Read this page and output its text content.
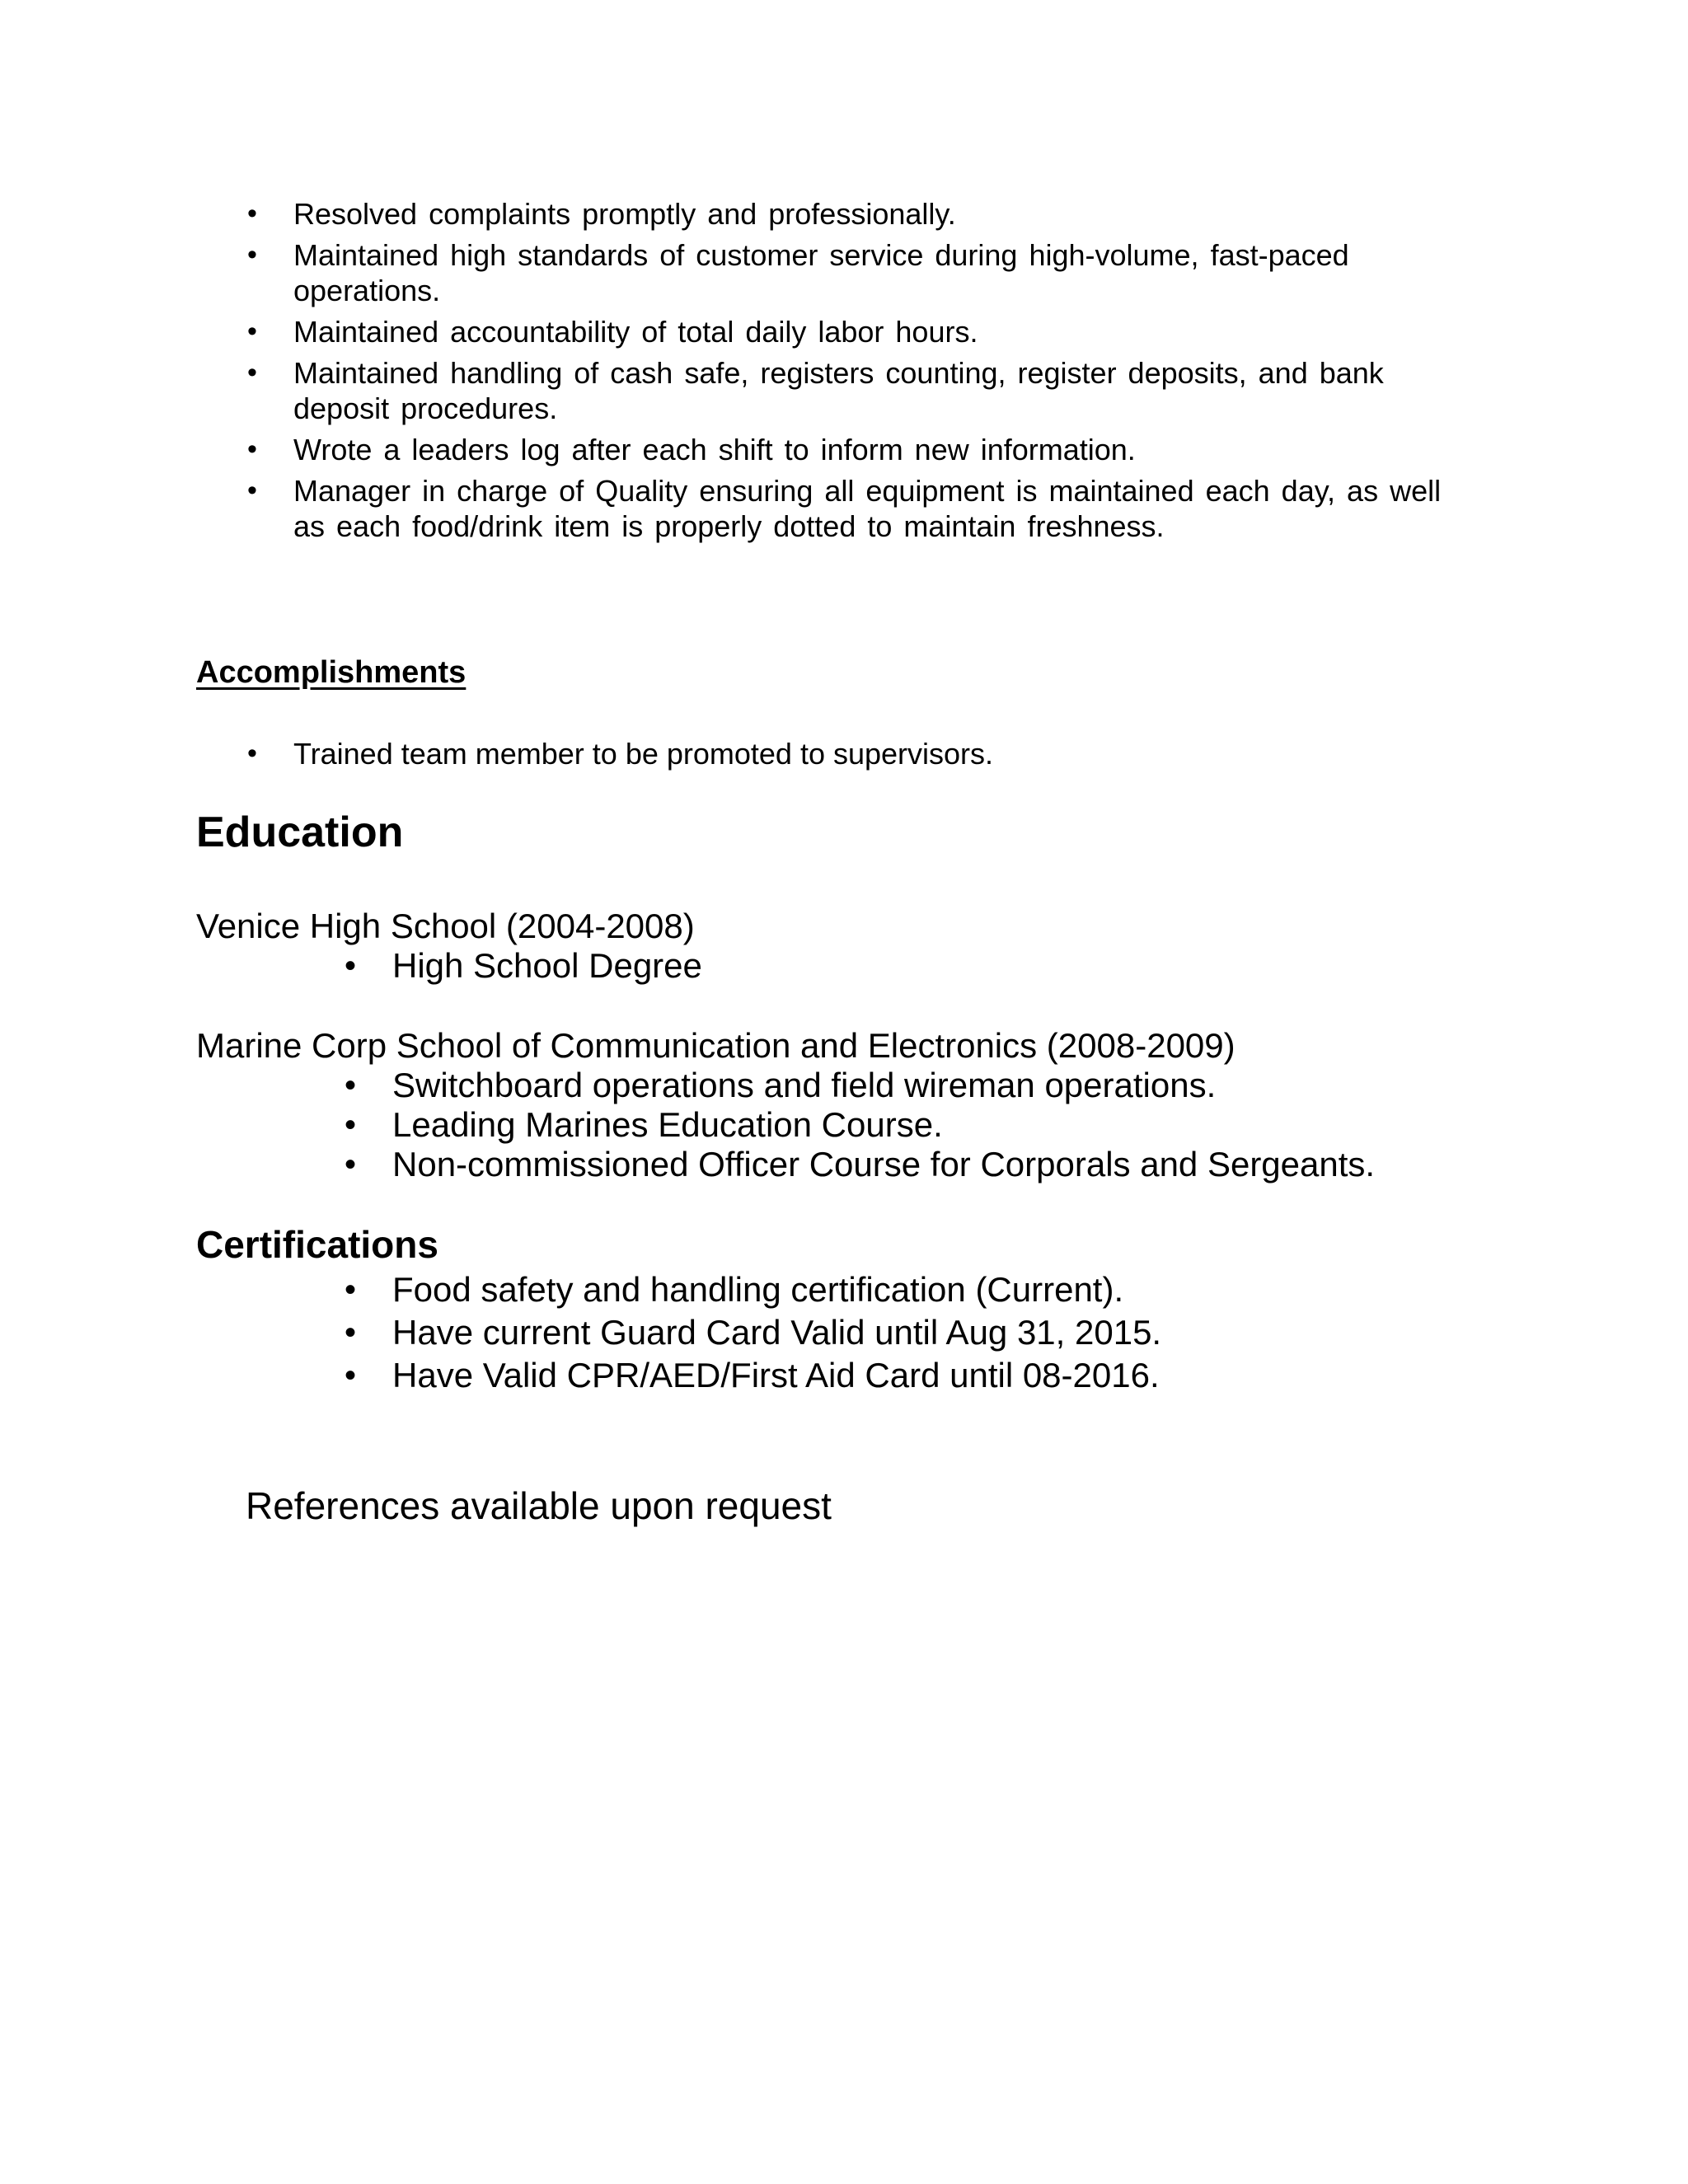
• Resolved complaints promptly and professionally.
• Maintained high standards of customer service during high-volume, fast-paced operations.
• Maintained accountability of total daily labor hours.
• Maintained handling of cash safe, registers counting, register deposits, and bank deposit procedures.
• Wrote a leaders log after each shift to inform new information.
• Manager in charge of Quality ensuring all equipment is maintained each day, as well as each food/drink item is properly dotted to maintain freshness.
Accomplishments
• Trained team member to be promoted to supervisors.
Education

Venice High School (2004-2008)

• High School Degree

Marine Corp School of Communication and Electronics (2008-2009)

• Switchboard operations and field wireman operations.
• Leading Marines Education Course.
• Non-commissioned Officer Course for Corporals and Sergeants.
Certifications
• Food safety and handling certification (Current).
• Have current Guard Card Valid until Aug 31, 2015.
• Have Valid CPR/AED/First Aid Card until 08-2016.

References available upon request
